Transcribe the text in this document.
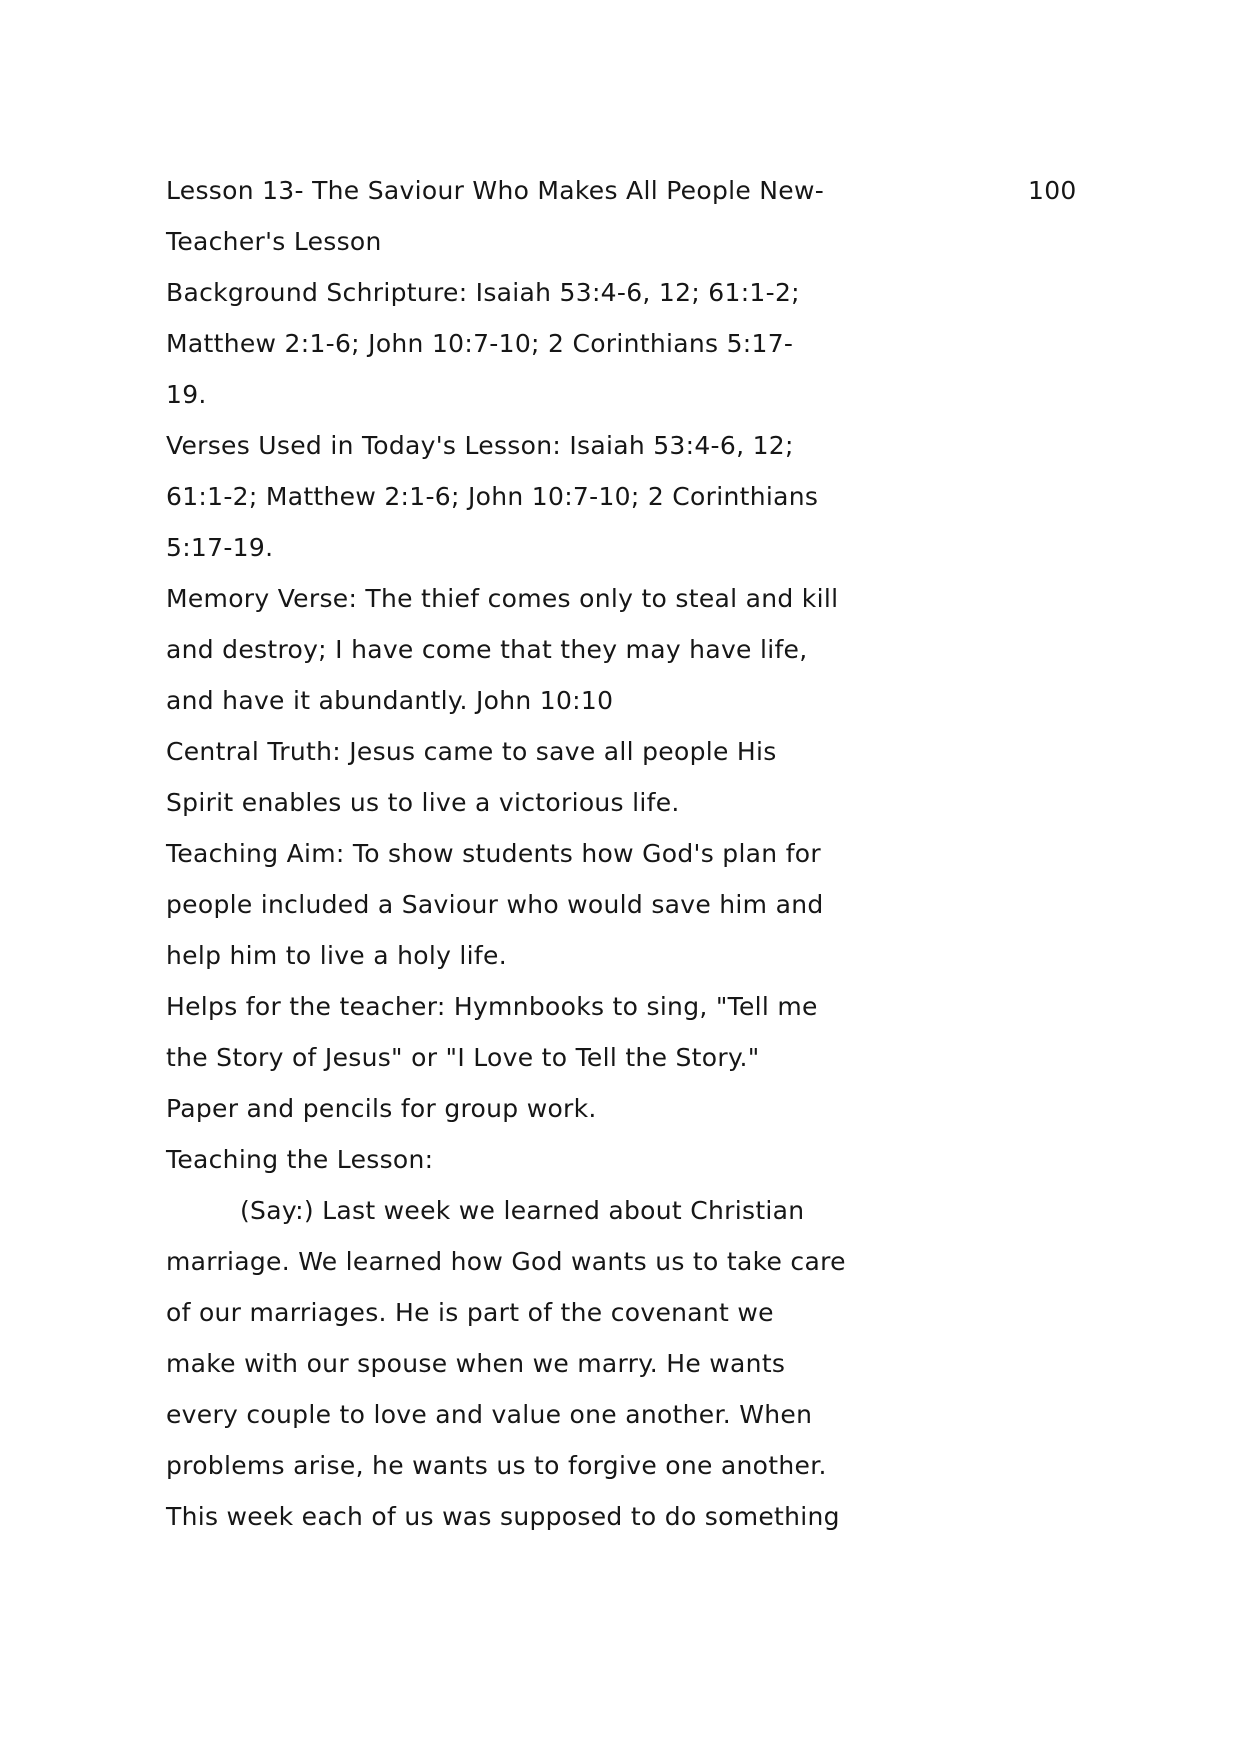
100
Lesson 13- The Saviour Who Makes All People New-
Teacher's Lesson
Background Schripture: Isaiah 53:4-6, 12; 61:1-2;
Matthew 2:1-6; John 10:7-10; 2 Corinthians 5:17-
19.
Verses Used in Today's Lesson: Isaiah 53:4-6, 12;
61:1-2; Matthew 2:1-6; John 10:7-10; 2 Corinthians
5:17-19.
Memory Verse: The thief comes only to steal and kill
and destroy; I have come that they may have life,
and have it abundantly. John 10:10
Central Truth: Jesus came to save all people His
Spirit enables us to live a victorious life.
Teaching Aim: To show students how God's plan for
people included a Saviour who would save him and
help him to live a holy life.
Helps for the teacher: Hymnbooks to sing, "Tell me
the Story of Jesus" or "I Love to Tell the Story."
Paper and pencils for group work.
Teaching the Lesson:
(Say:) Last week we learned about Christian
marriage. We learned how God wants us to take care
of our marriages. He is part of the covenant we
make with our spouse when we marry. He wants
every couple to love and value one another. When
problems arise, he wants us to forgive one another.
This week each of us was supposed to do something
